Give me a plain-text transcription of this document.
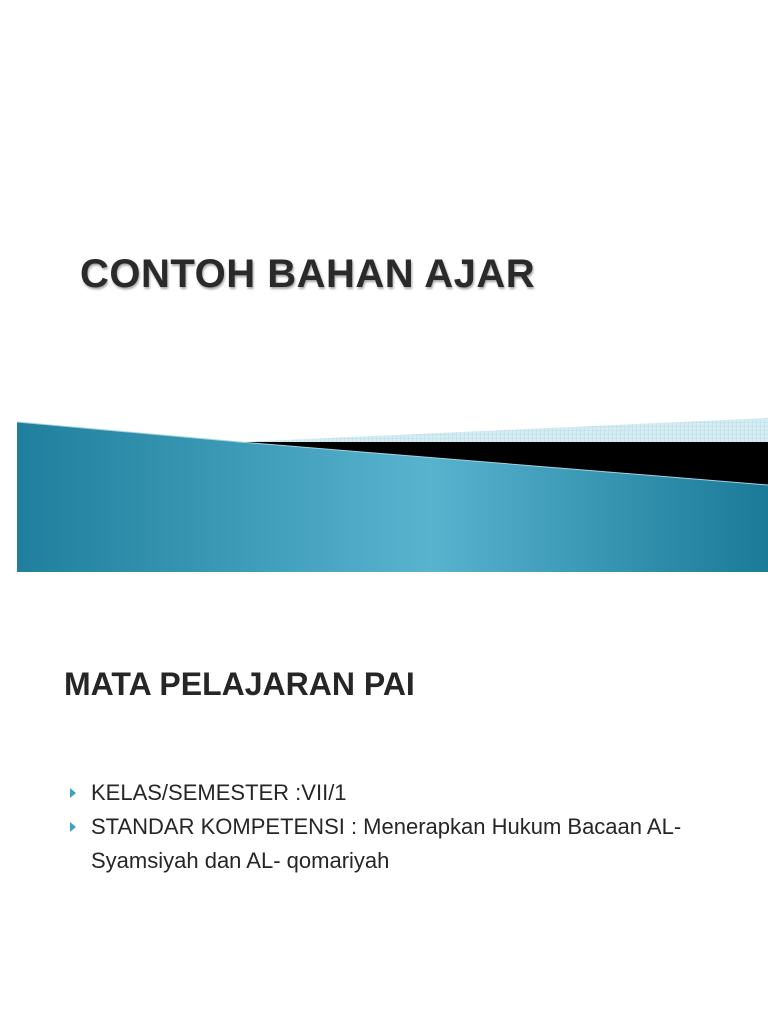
CONTOH BAHAN AJAR
MATA PELAJARAN PAI
KELAS/SEMESTER :VII/1
STANDAR KOMPETENSI : Menerapkan Hukum Bacaan AL- Syamsiyah dan AL- qomariyah
